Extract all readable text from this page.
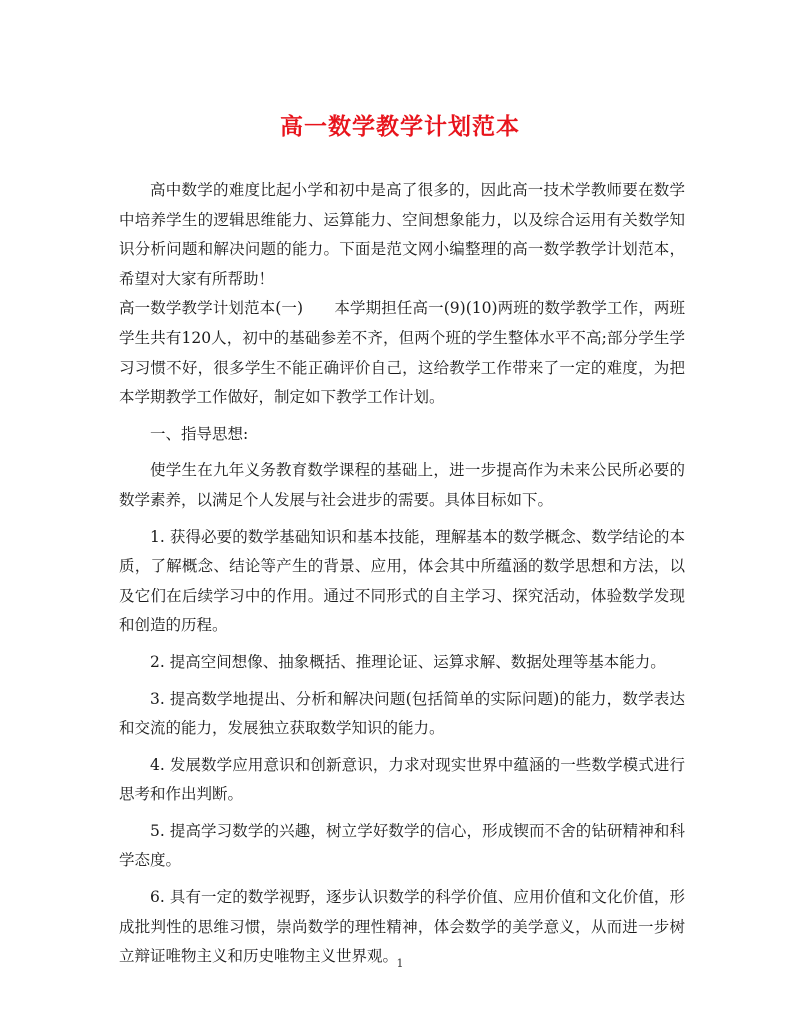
高一数学教学计划范本

高中数学的难度比起小学和初中是高了很多的，因此高一技术学教师要在数学中培养学生的逻辑思维能力、运算能力、空间想象能力，以及综合运用有关数学知识分析问题和解决问题的能力。下面是范文网小编整理的高一数学教学计划范本，希望对大家有所帮助！

高一数学教学计划范本(一)　　本学期担任高一(9)(10)两班的数学教学工作，两班学生共有120人，初中的基础参差不齐，但两个班的学生整体水平不高;部分学生学习习惯不好，很多学生不能正确评价自己，这给教学工作带来了一定的难度，为把本学期教学工作做好，制定如下教学工作计划。

一、指导思想:

使学生在九年义务教育数学课程的基础上，进一步提高作为未来公民所必要的数学素养，以满足个人发展与社会进步的需要。具体目标如下。

1. 获得必要的数学基础知识和基本技能，理解基本的数学概念、数学结论的本质，了解概念、结论等产生的背景、应用，体会其中所蕴涵的数学思想和方法，以及它们在后续学习中的作用。通过不同形式的自主学习、探究活动，体验数学发现和创造的历程。

2. 提高空间想像、抽象概括、推理论证、运算求解、数据处理等基本能力。

3. 提高数学地提出、分析和解决问题(包括简单的实际问题)的能力，数学表达和交流的能力，发展独立获取数学知识的能力。

4. 发展数学应用意识和创新意识，力求对现实世界中蕴涵的一些数学模式进行思考和作出判断。

5. 提高学习数学的兴趣，树立学好数学的信心，形成锲而不舍的钻研精神和科学态度。

6. 具有一定的数学视野，逐步认识数学的科学价值、应用价值和文化价值，形成批判性的思维习惯，崇尚数学的理性精神，体会数学的美学意义，从而进一步树立辩证唯物主义和历史唯物主义世界观。

1
